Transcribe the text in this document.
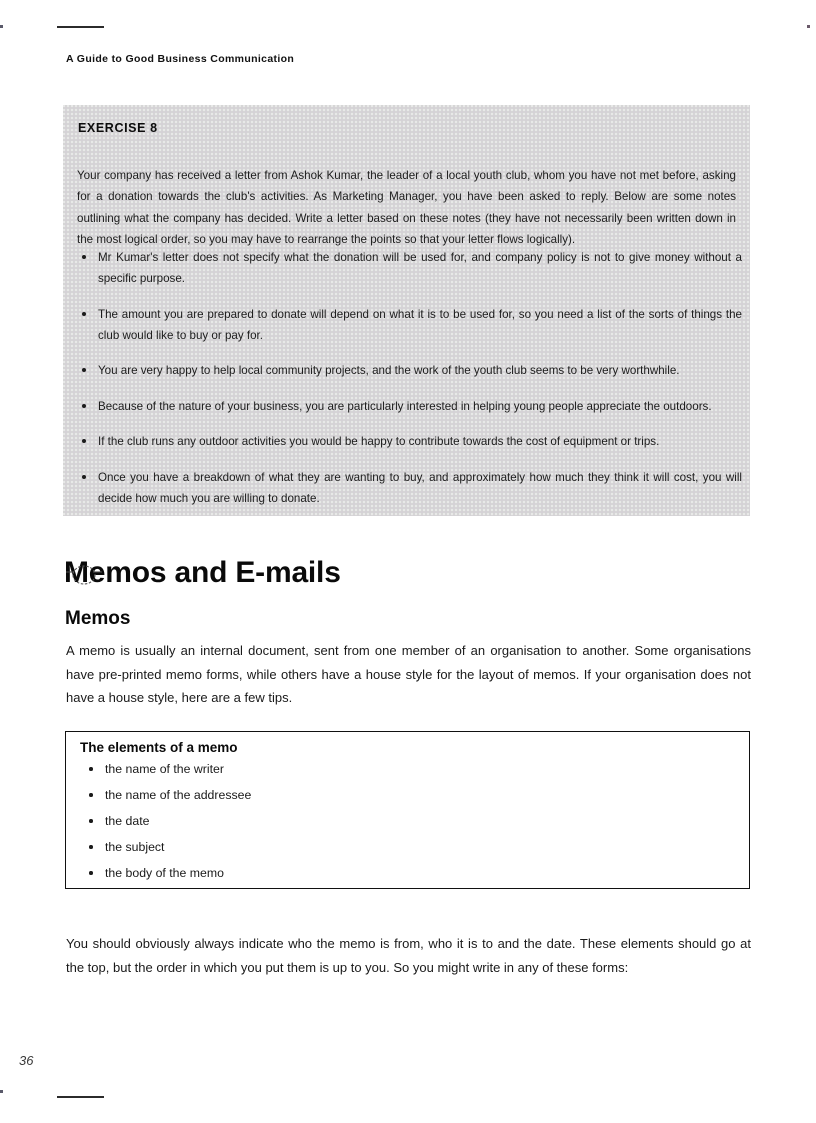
A Guide to Good Business Communication
EXERCISE 8

Your company has received a letter from Ashok Kumar, the leader of a local youth club, whom you have not met before, asking for a donation towards the club's activities. As Marketing Manager, you have been asked to reply. Below are some notes outlining what the company has decided. Write a letter based on these notes (they have not necessarily been written down in the most logical order, so you may have to rearrange the points so that your letter flows logically).

Mr Kumar's letter does not specify what the donation will be used for, and company policy is not to give money without a specific purpose.
The amount you are prepared to donate will depend on what it is to be used for, so you need a list of the sorts of things the club would like to buy or pay for.
You are very happy to help local community projects, and the work of the youth club seems to be very worthwhile.
Because of the nature of your business, you are particularly interested in helping young people appreciate the outdoors.
If the club runs any outdoor activities you would be happy to contribute towards the cost of equipment or trips.
Once you have a breakdown of what they are wanting to buy, and approximately how much they think it will cost, you will decide how much you are willing to donate.
Memos and E-mails
Memos

A memo is usually an internal document, sent from one member of an organisation to another. Some organisations have pre-printed memo forms, while others have a house style for the layout of memos. If your organisation does not have a house style, here are a few tips.

The elements of a memo
the name of the writer
the name of the addressee
the date
the subject
the body of the memo

You should obviously always indicate who the memo is from, who it is to and the date. These elements should go at the top, but the order in which you put them is up to you. So you might write in any of these forms:

36
